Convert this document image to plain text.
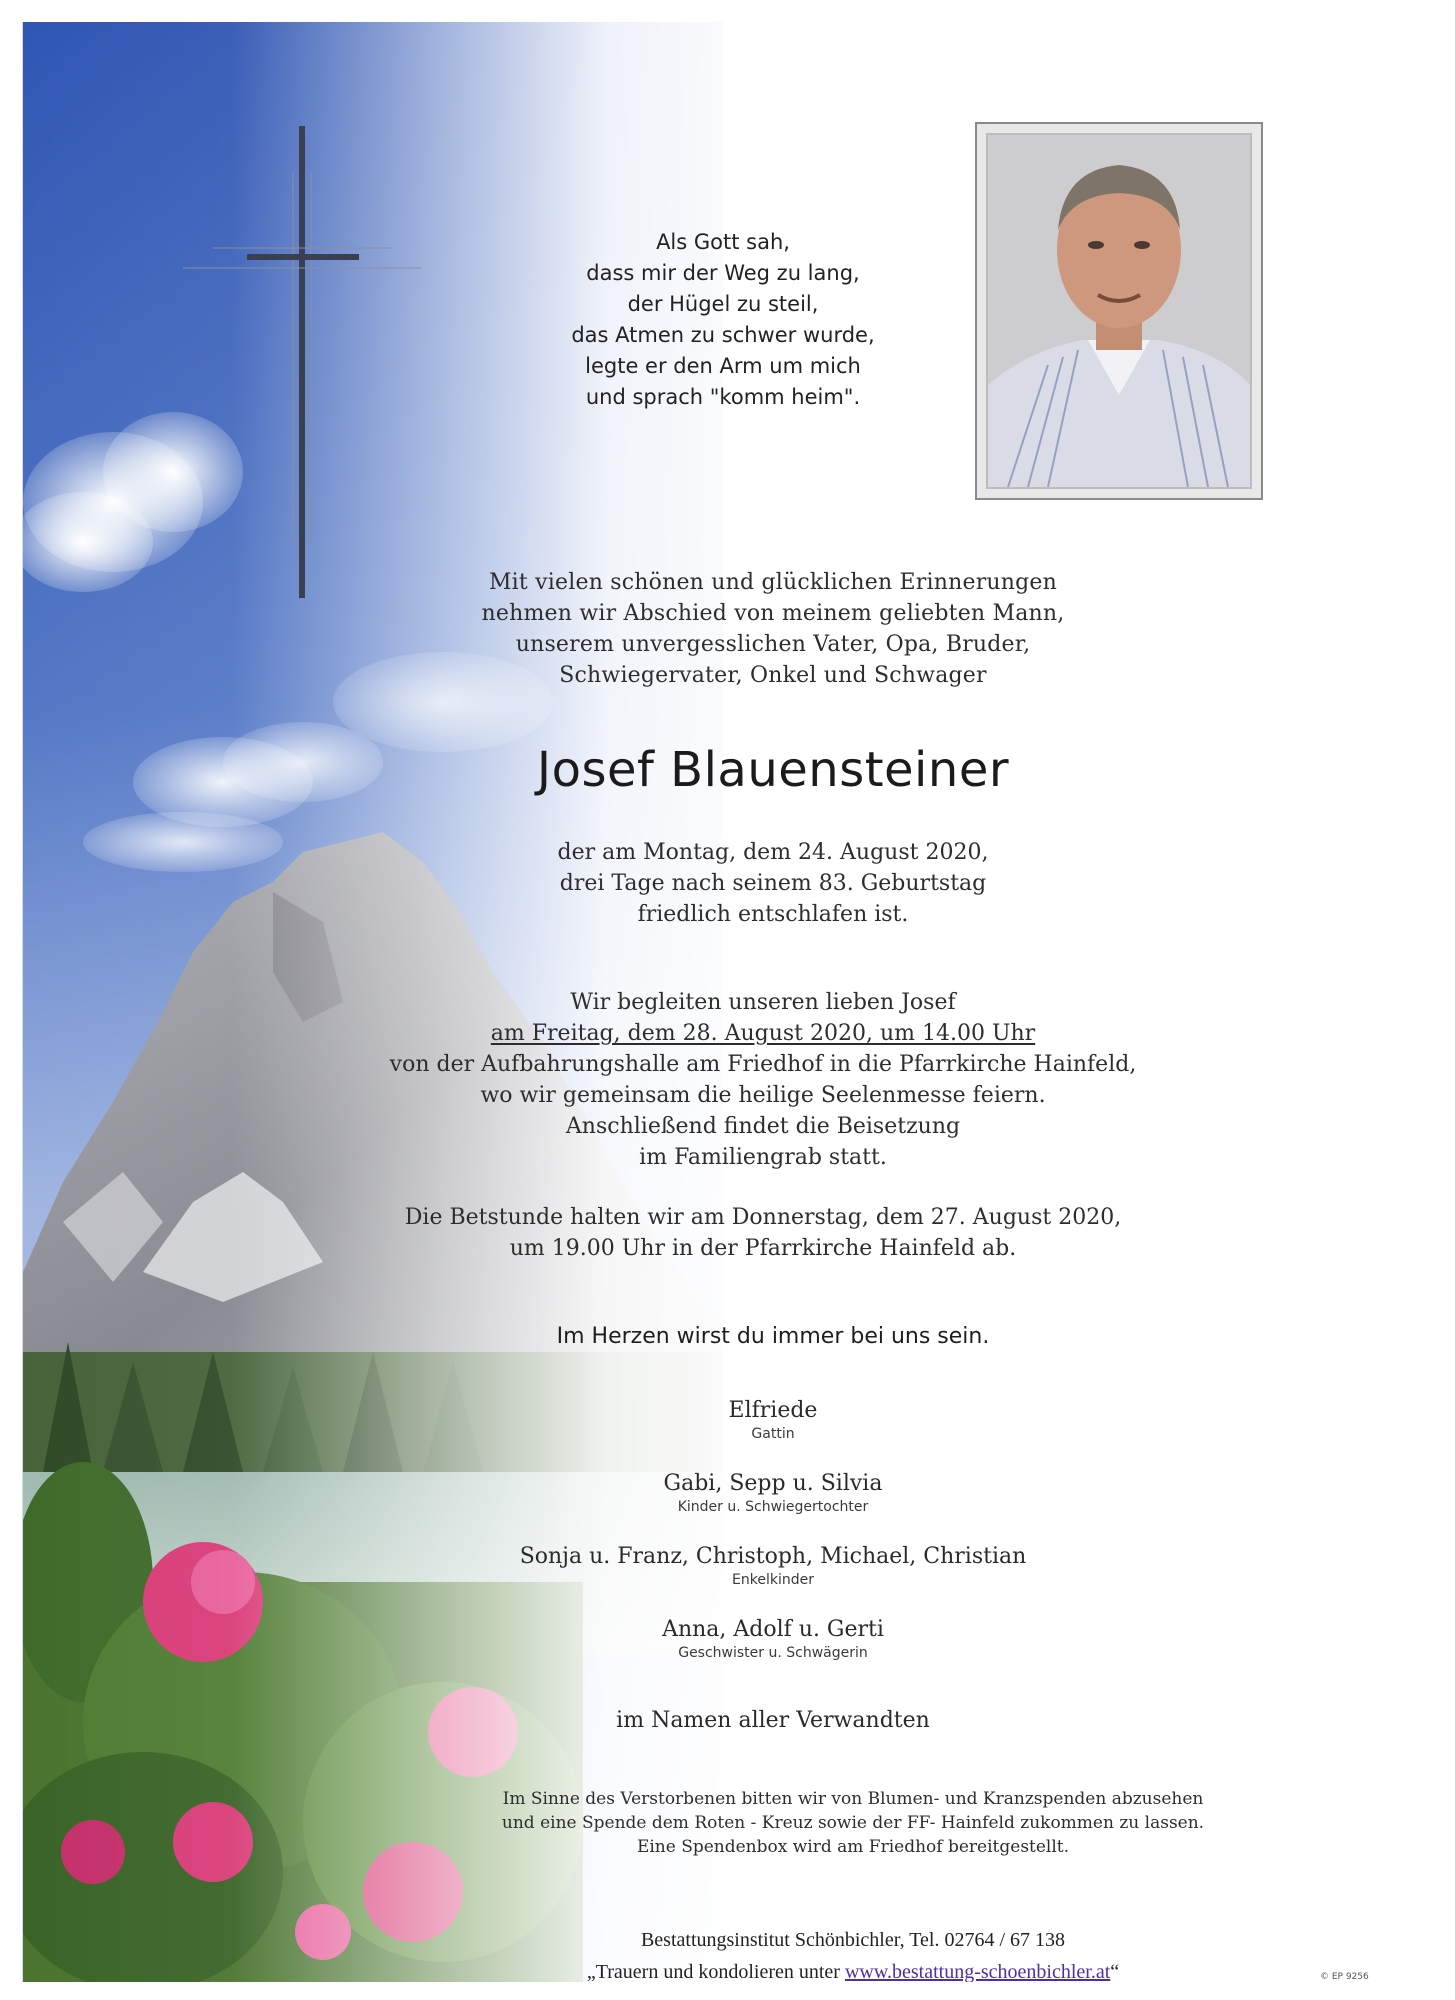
Als Gott sah,
dass mir der Weg zu lang,
der Hügel zu steil,
das Atmen zu schwer wurde,
legte er den Arm um mich
und sprach "komm heim".
Mit vielen schönen und glücklichen Erinnerungen
nehmen wir Abschied von meinem geliebten Mann,
unserem unvergesslichen Vater, Opa, Bruder,
Schwiegervater, Onkel und Schwager
Josef Blauensteiner
der am Montag, dem 24. August 2020,
drei Tage nach seinem 83. Geburtstag
friedlich entschlafen ist.
Wir begleiten unseren lieben Josef
am Freitag, dem 28. August 2020, um 14.00 Uhr
von der Aufbahrungshalle am Friedhof in die Pfarrkirche Hainfeld,
wo wir gemeinsam die heilige Seelenmesse feiern.
Anschließend findet die Beisetzung
im Familiengrab statt.
Die Betstunde halten wir am Donnerstag, dem 27. August 2020,
um 19.00 Uhr in der Pfarrkirche Hainfeld ab.
Im Herzen wirst du immer bei uns sein.
Elfriede
Gattin
Gabi, Sepp u. Silvia
Kinder u. Schwiegertochter
Sonja u. Franz, Christoph, Michael, Christian
Enkelkinder
Anna, Adolf u. Gerti
Geschwister u. Schwägerin
im Namen aller Verwandten
Im Sinne des Verstorbenen bitten wir von Blumen- und Kranzspenden abzusehen
und eine Spende dem Roten - Kreuz sowie der FF- Hainfeld zukommen zu lassen.
Eine Spendenbox wird am Friedhof bereitgestellt.
Bestattungsinstitut Schönbichler, Tel. 02764 / 67 138
„Trauern und kondolieren unter www.bestattung-schoenbichler.at“	© EP 9256
